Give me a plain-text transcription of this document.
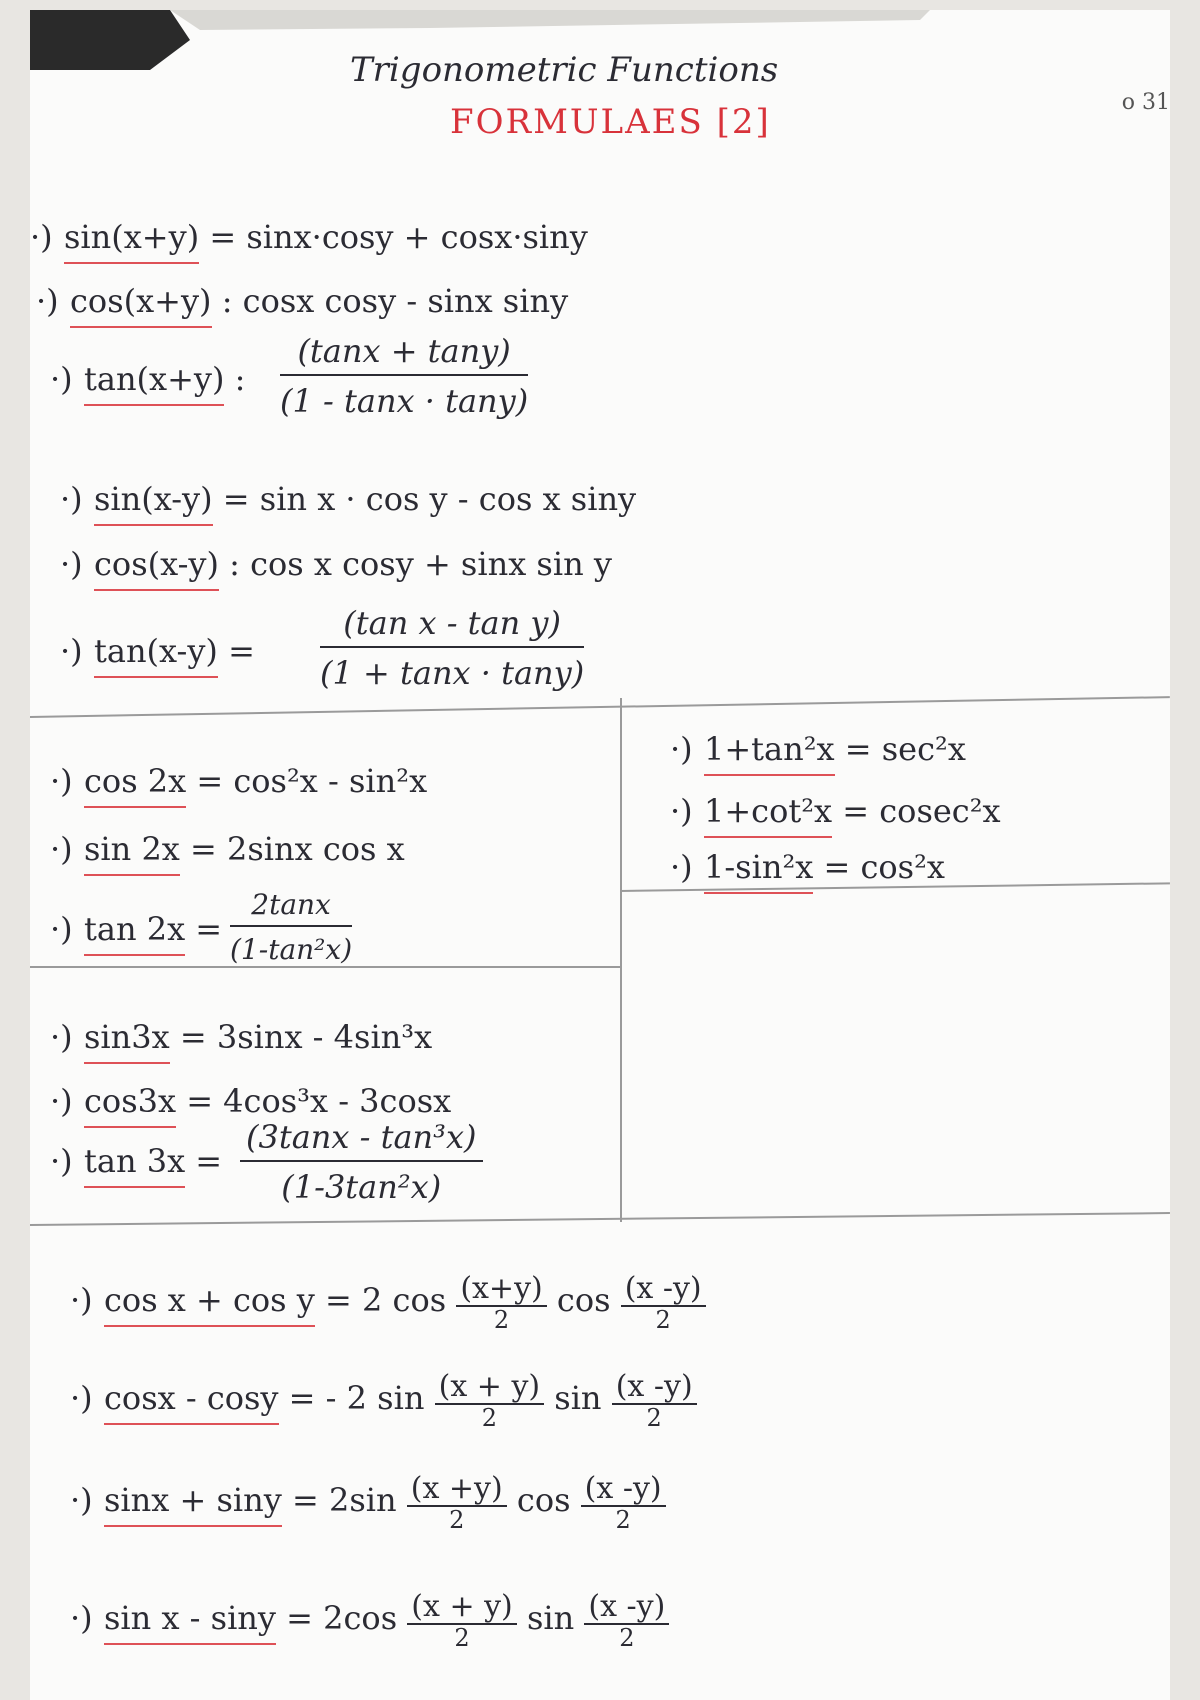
Trigonometric Functions
FORMULAES [2]	o 31
·) sin(x+y) = sinx·cosy + cosx·siny
·) cos(x+y) : cosx cosy - sinx siny
·) tan(x+y) : $\frac{(\tan x + \tan y)}{(1 - \tan x \cdot \tan y)}$
·) sin(x-y) = sin x · cos y - cos x siny
·) cos(x-y) : cos x cosy + sinx sin y
·) $\tan(x-y) = \frac{\text{(tan x - tan y)}}{(1 + \tan x \cdot \tan y)}$
·) cos 2x = cos²x - sin²x
·) sin 2x = 2sinx cos x
·) $\tan 2x = \frac{2\tan x}{\text{(1-tan²x)}}$
·) 1+tan²x = sec²x
·) 1+cot²x = cosec²x
·) 1-sin²x = cos²x
·) sin3x = 3sinx - 4sin³x
·) cos3x = 4cos³x - 3cosx
·) $\tan 3x = \frac{\text{(3tanx - tan³x)}}{\text{(1-3tan²x)}}$
·) cos x + cos y = 2 $\cos \frac{(x+y)}{2}$ $\cos \frac{(x -y)}{2}$
·) cosx - cosy = - 2 $\sin \frac{(x + y)}{2}$ $\sin \frac{(x -y)}{2}$
·) $\sin x + \sin y = 2\sin \frac{(x +y)}{2}$ $\cos \frac{(x -y)}{2}$
·) $\sin x - \sin y = 2\cos \frac{(x + y)}{2}$ $\sin \frac{(x -y)}{2}$
